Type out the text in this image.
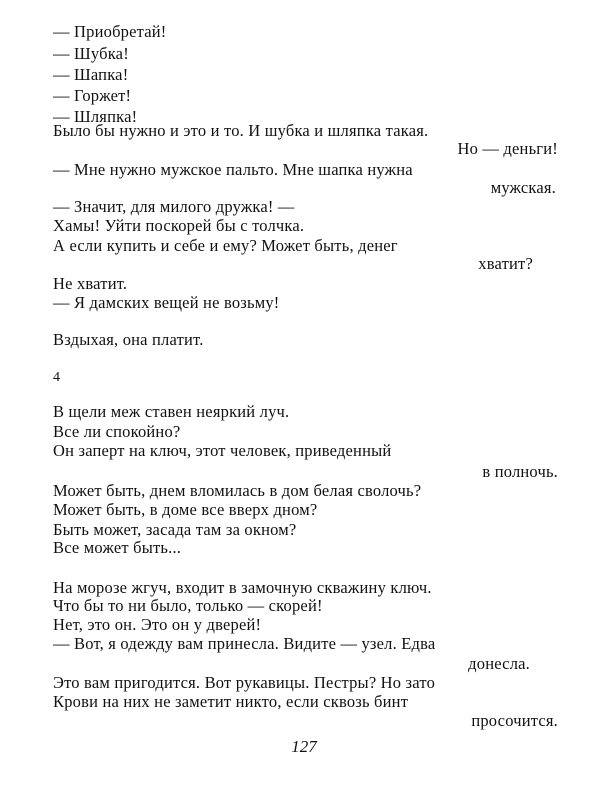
— Приобретай!
— Шубка!
— Шапка!
— Горжет!
— Шляпка!
Было бы нужно и это и то. И шубка и шляпка такая.
Но — деньги!
— Мне нужно мужское пальто. Мне шапка нужна
мужская.
— Значит, для милого дружка! —
Хамы! Уйти поскорей бы с толчка.
А если купить и себе и ему? Может быть, денег
хватит?
Не хватит.
— Я дамских вещей не возьму!
Вздыхая, она платит.
4
В щели меж ставен неяркий луч.
Все ли спокойно?
Он заперт на ключ, этот человек, приведенный
в полночь.
Может быть, днем вломилась в дом белая сволочь?
Может быть, в доме все вверх дном?
Быть может, засада там за окном?
Все может быть...
На морозе жгуч, входит в замочную скважину ключ.
Что бы то ни было, только — скорей!
Нет, это он. Это он у дверей!
— Вот, я одежду вам принесла. Видите — узел. Едва
донесла.
Это вам пригодится. Вот рукавицы. Пестры? Но зато
Крови на них не заметит никто, если сквозь бинт
просочится.
127
